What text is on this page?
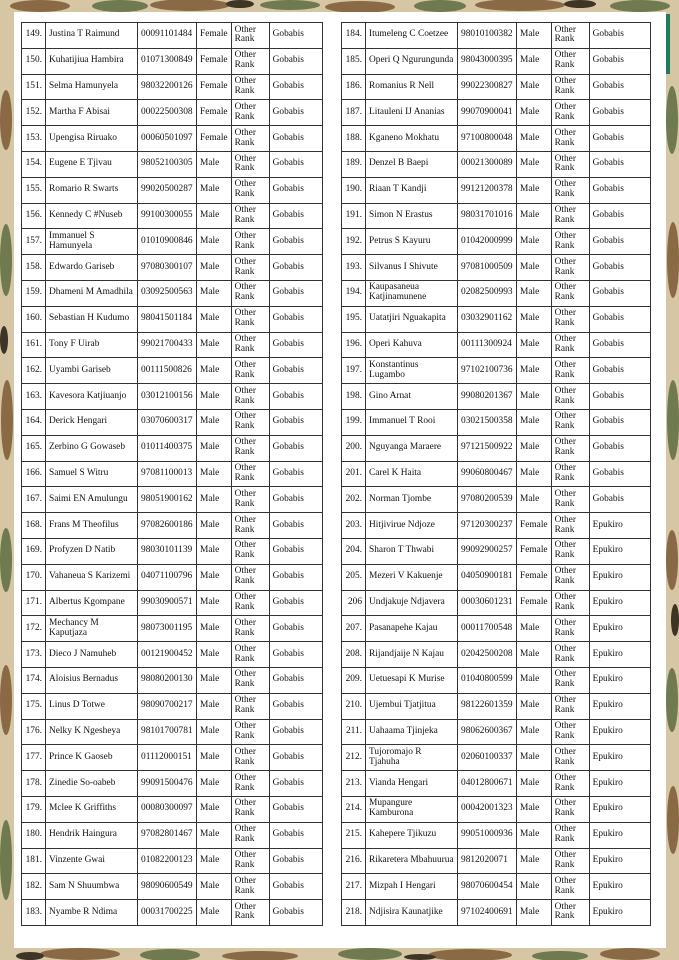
149.	Justina T Raimund	00091101484	Female	Other Rank	Gobabis
150.	Kuhatijiua Hambira	01071300849	Female	Other Rank	Gobabis
151.	Selma Hamunyela	98032200126	Female	Other Rank	Gobabis
152.	Martha F Abisai	00022500308	Female	Other Rank	Gobabis
153.	Upengisa Riruako	00060501097	Female	Other Rank	Gobabis
154.	Eugene E Tjivau	98052100305	Male	Other Rank	Gobabis
155.	Romario R Swarts	99020500287	Male	Other Rank	Gobabis
156.	Kennedy C #Nuseb	99100300055	Male	Other Rank	Gobabis
157.	Immanuel S Hamunyela	01010900846	Male	Other Rank	Gobabis
158.	Edwardo Gariseb	97080300107	Male	Other Rank	Gobabis
159.	Dhameni M Amadhila	03092500563	Male	Other Rank	Gobabis
160.	Sebastian H Kudumo	98041501184	Male	Other Rank	Gobabis
161.	Tony F Uirab	99021700433	Male	Other Rank	Gobabis
162.	Uyambi Gariseb	00111500826	Male	Other Rank	Gobabis
163.	Kavesora Katjiuanjo	03012100156	Male	Other Rank	Gobabis
164.	Derick Hengari	03070600317	Male	Other Rank	Gobabis
165.	Zerbino G Gowaseb	01011400375	Male	Other Rank	Gobabis
166.	Samuel S Witru	97081100013	Male	Other Rank	Gobabis
167.	Saimi EN Amulungu	98051900162	Male	Other Rank	Gobabis
168.	Frans M Theofilus	97082600186	Male	Other Rank	Gobabis
169.	Profyzen D Natib	98030101139	Male	Other Rank	Gobabis
170.	Vahaneua S Karizemi	04071100796	Male	Other Rank	Gobabis
171.	Albertus Kgompane	99030900571	Male	Other Rank	Gobabis
172.	Mechancy M Kaputjaza	98073001195	Male	Other Rank	Gobabis
173.	Dieco J Namuheb	00121900452	Male	Other Rank	Gobabis
174.	Aloisius Bernadus	98080200130	Male	Other Rank	Gobabis
175.	Linus D Totwe	98090700217	Male	Other Rank	Gobabis
176.	Nelky K Ngesheya	98101700781	Male	Other Rank	Gobabis
177.	Prince K Gaoseb	01112000151	Male	Other Rank	Gobabis
178.	Zinedie So-oabeb	99091500476	Male	Other Rank	Gobabis
179.	Mclee K Griffiths	00080300097	Male	Other Rank	Gobabis
180.	Hendrik Haingura	97082801467	Male	Other Rank	Gobabis
181.	Vinzente Gwai	01082200123	Male	Other Rank	Gobabis
182.	Sam N Shuumbwa	98090600549	Male	Other Rank	Gobabis
183.	Nyambe R Ndima	00031700225	Male	Other Rank	Gobabis
184.	Itumeleng C Coetzee	98010100382	Male	Other Rank	Gobabis
185.	Operi Q Ngurungunda	98043000395	Male	Other Rank	Gobabis
186.	Romanius R Nell	99022300827	Male	Other Rank	Gobabis
187.	Litauleni IJ Ananias	99070900041	Male	Other Rank	Gobabis
188.	Kganeno Mokhatu	97100800048	Male	Other Rank	Gobabis
189.	Denzel B Baepi	00021300089	Male	Other Rank	Gobabis
190.	Riaan T Kandji	99121200378	Male	Other Rank	Gobabis
191.	Simon N Erastus	98031701016	Male	Other Rank	Gobabis
192.	Petrus S Kayuru	01042000999	Male	Other Rank	Gobabis
193.	Silvanus I Shivute	97081000509	Male	Other Rank	Gobabis
194.	Kaupasaneua Katjinamunene	02082500993	Male	Other Rank	Gobabis
195.	Uatatjiri Nguakapita	03032901162	Male	Other Rank	Gobabis
196.	Operi Kahuva	00111300924	Male	Other Rank	Gobabis
197.	Konstantinus Lugambo	97102100736	Male	Other Rank	Gobabis
198.	Gino Arnat	99080201367	Male	Other Rank	Gobabis
199.	Immanuel T Rooi	03021500358	Male	Other Rank	Gobabis
200.	Nguyanga Maraere	97121500922	Male	Other Rank	Gobabis
201.	Carel K Haita	99060800467	Male	Other Rank	Gobabis
202.	Norman Tjombe	97080200539	Male	Other Rank	Gobabis
203.	Hitjivirue Ndjoze	97120300237	Female	Other Rank	Epukiro
204.	Sharon T Thwabi	99092900257	Female	Other Rank	Epukiro
205.	Mezeri V Kakuenje	04050900181	Female	Other Rank	Epukiro
206	Undjakuje Ndjavera	00030601231	Female	Other Rank	Epukiro
207.	Pasanapehe Kajau	00011700548	Male	Other Rank	Epukiro
208.	Rijandjaije N Kajau	02042500208	Male	Other Rank	Epukiro
209.	Uetuesapi K Murise	01040800599	Male	Other Rank	Epukiro
210.	Ujembui Tjatjitua	98122601359	Male	Other Rank	Epukiro
211.	Uahaama Tjinjeka	98062600367	Male	Other Rank	Epukiro
212.	Tujoromajo R Tjahuha	02060100337	Male	Other Rank	Epukiro
213.	Vianda Hengari	04012800671	Male	Other Rank	Epukiro
214.	Mupangure Kamburona	00042001323	Male	Other Rank	Epukiro
215.	Kahepere Tjikuzu	99051000936	Male	Other Rank	Epukiro
216.	Rikaretera Mbahuurua	9812020071	Male	Other Rank	Epukiro
217.	Mizpah I Hengari	98070600454	Male	Other Rank	Epukiro
218.	Ndjisira Kaunatjike	97102400691	Male	Other Rank	Epukiro
